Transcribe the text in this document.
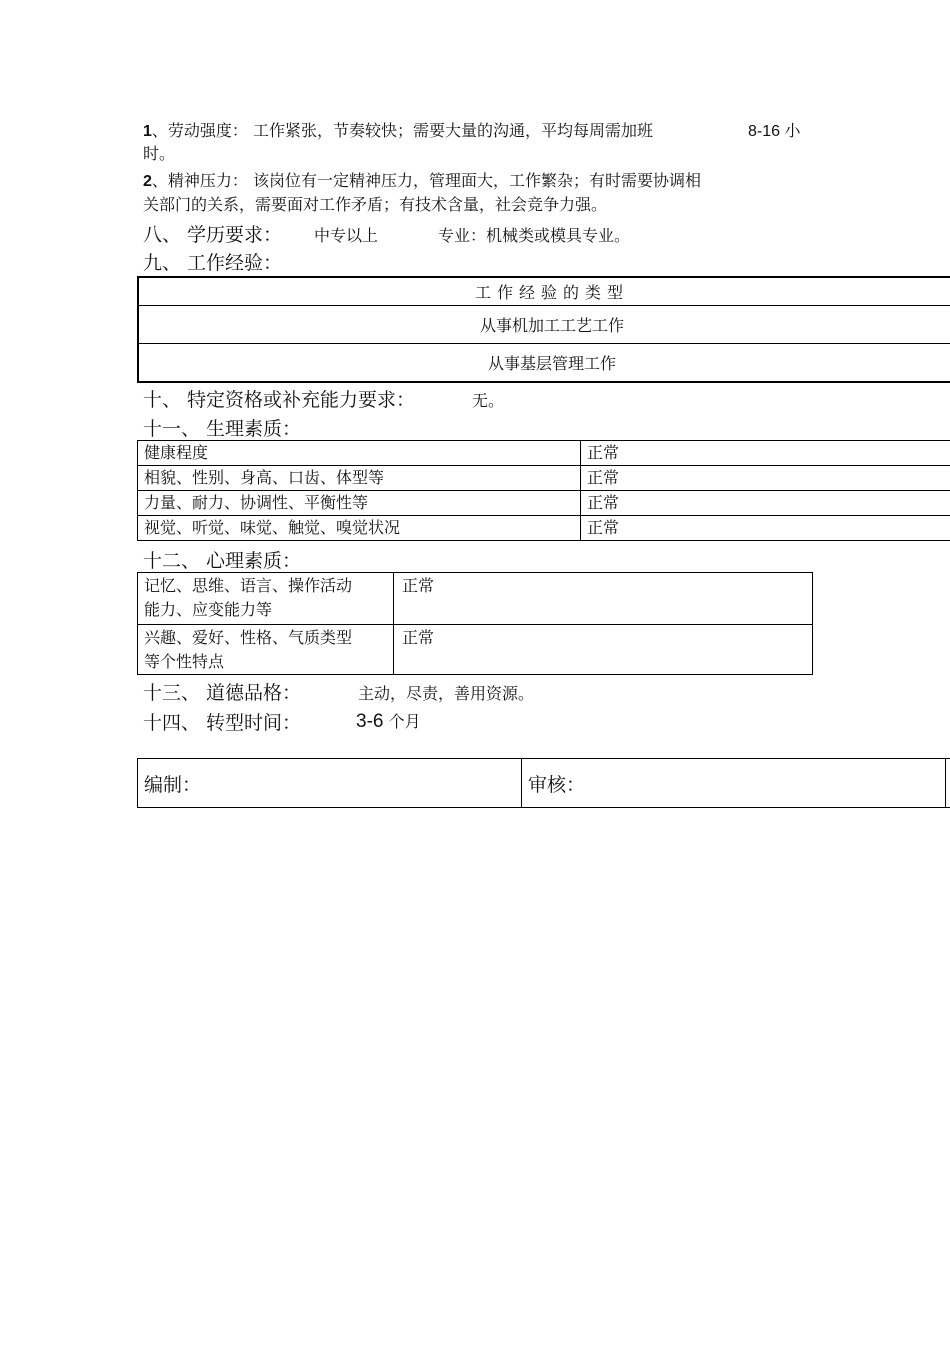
1、劳动强度： 工作紧张，节奏较快；需要大量的沟通，平均每周需加班	8-16 小
时。
2、精神压力： 该岗位有一定精神压力，管理面大，工作繁杂；有时需要协调相
关部门的关系，需要面对工作矛盾；有技术含量，社会竞争力强。
八、 学历要求： 中专以上	专业：机械类或模具专业。
九、 工作经验：
工作经验的类型
从事机加工工艺工作
从事基层管理工作
十、 特定资格或补充能力要求：	无。
十一、 生理素质：
健康程度	正常
相貌、性别、身高、口齿、体型等	正常
力量、耐力、协调性、平衡性等	正常
视觉、听觉、味觉、触觉、嗅觉状况	正常
十二、 心理素质：
记忆、思维、语言、操作活动
能力、应变能力等	正常

兴趣、爱好、性格、气质类型
等个性特点	正常
十三、 道德品格：	主动，尽责，善用资源。
十四、 转型时间：	3-6 个月
编制：	审核：	
